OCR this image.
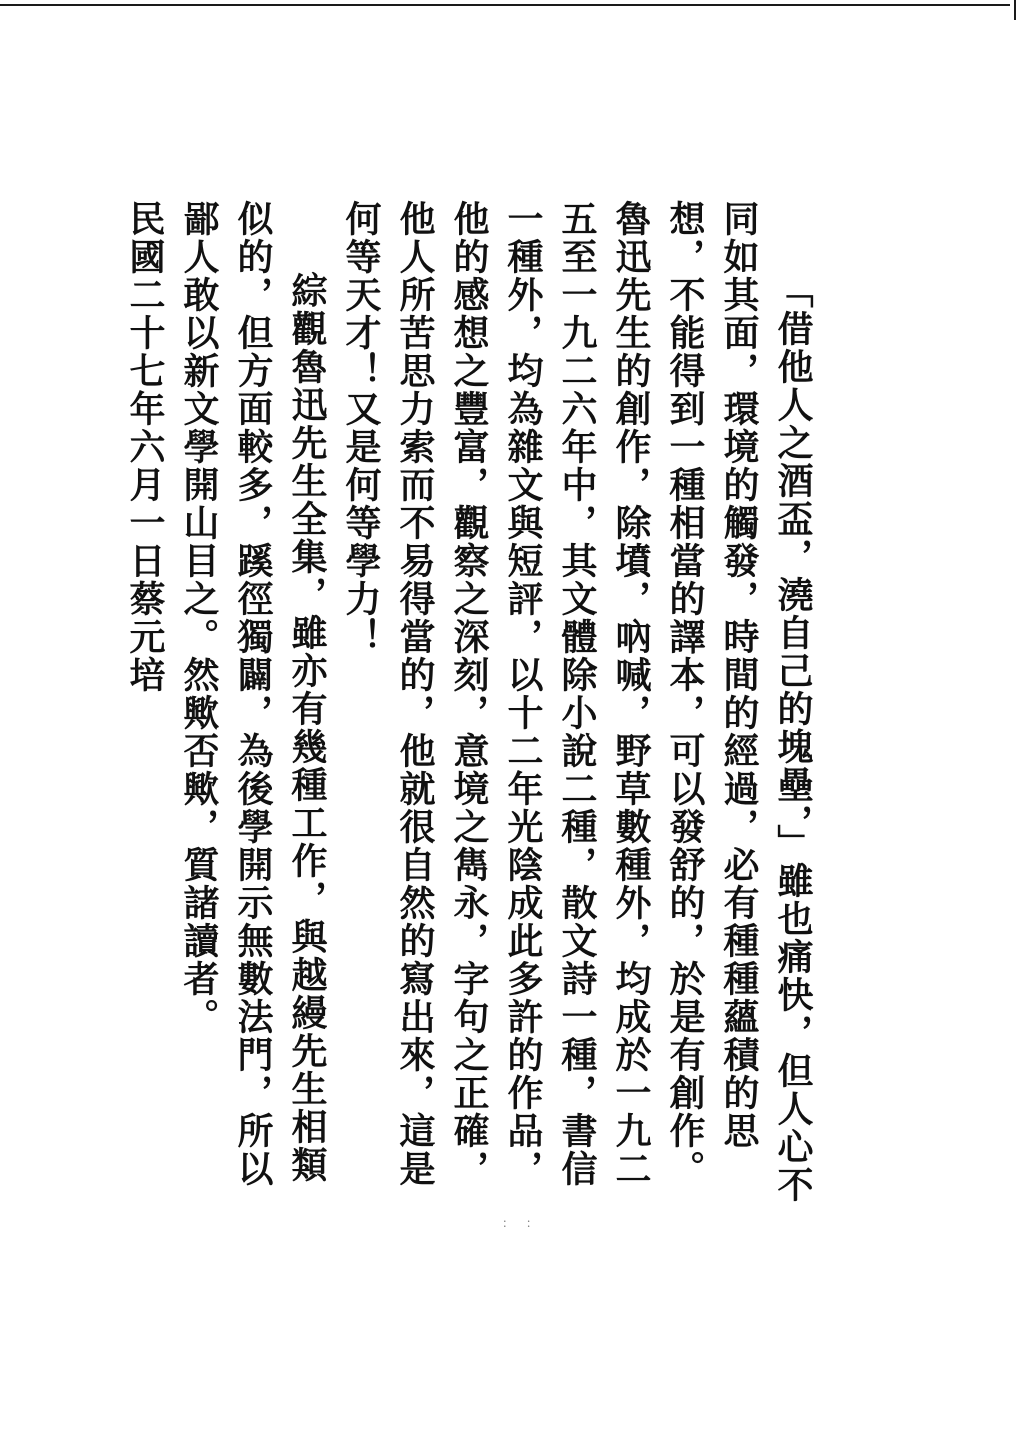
「借他人之酒盃，澆自己的塊壘，」雖也痛快，但人心不同如其面，環境的觸發，時間的經過，必有種種蘊積的思想，不能得到一種相當的譯本，可以發舒的，於是有創作。魯迅先生的創作，除墳，吶喊，野草數種外，均成於一九二五至一九二六年中，其文體除小說二種，散文詩一種，書信一種外，均為雜文與短評，以十二年光陰成此多許的作品，他的感想之豐富，觀察之深刻，意境之雋永，字句之正確，他人所苦思力索而不易得當的，他就很自然的寫出來，這是何等天才！又是何等學力！

綜觀魯迅先生全集，雖亦有幾種工作，與越縵先生相類似的，但方面較多，蹊徑獨闢，為後學開示無數法門，所以鄙人敢以新文學開山目之。然歟否歟，質諸讀者。

民國二十七年六月一日蔡元培

： ：
